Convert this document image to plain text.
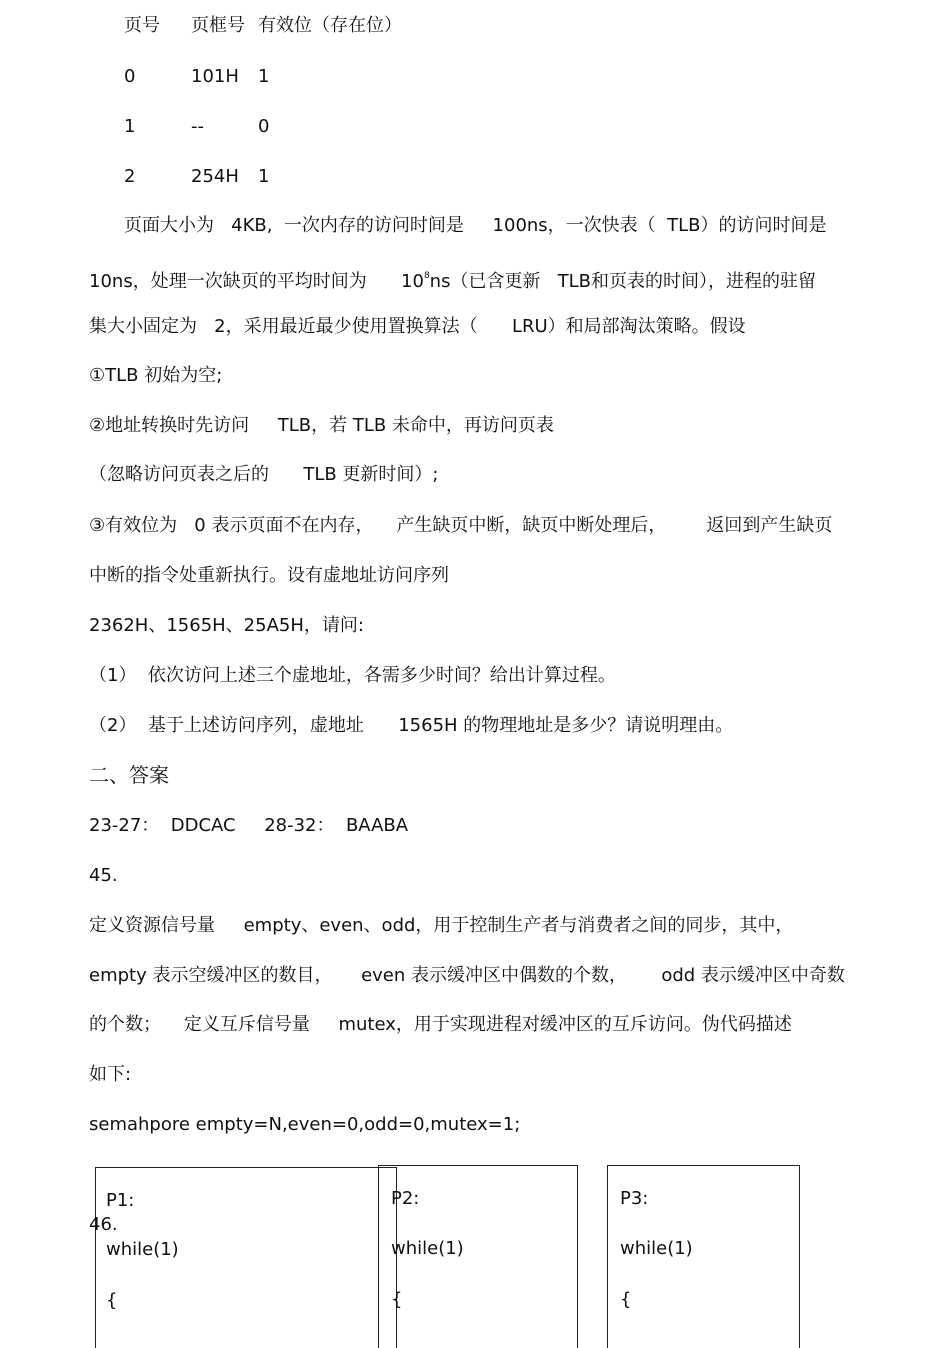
页号 页框号 有效位（存在位）
0	101H 1
1	--	0
2	254H 1
页面大小为   4KB,  一次内存的访问时间是     100ns，一次快表（  TLB）的访问时间是
10ns，处理一次缺页的平均时间为      $10^8ns$（已含更新   TLB和页表的时间），进程的驻留
集大小固定为   2，采用最近最少使用置换算法（      LRU）和局部淘汰策略。假设
①TLB 初始为空;
②地址转换时先访问     TLB，若 TLB 未命中，再访问页表
（忽略访问页表之后的      TLB 更新时间）;
③有效位为   0 表示页面不在内存，    产生缺页中断，缺页中断处理后，       返回到产生缺页
中断的指令处重新执行。设有虚地址访问序列
2362H、1565H、25A5H，请问:
（1）  依次访问上述三个虚地址，各需多少时间？给出计算过程。
（2）  基于上述访问序列，虚地址      1565H 的物理地址是多少？请说明理由。
二、答案
23-27：  DDCAC     28-32：  BAABA
45.
定义资源信号量     empty、even、odd，用于控制生产者与消费者之间的同步，其中，
empty 表示空缓冲区的数目，     even 表示缓冲区中偶数的个数，      odd 表示缓冲区中奇数
的个数；    定义互斥信号量     mutex，用于实现进程对缓冲区的互斥访问。伪代码描述
如下:
semahpore empty=N,even=0,odd=0,mutex=1;
P1:
46.
while(1)
{
P2:
while(1)
{
P3:
while(1)
{
